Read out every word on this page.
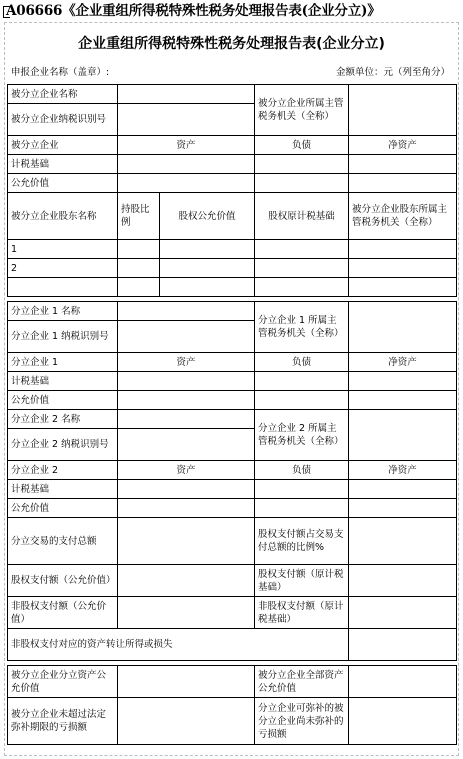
A06666《企业重组所得税特殊性税务处理报告表(企业分立)》
企业重组所得税特殊性税务处理报告表(企业分立)
申报企业名称（盖章）:	金额单位：元（列至角分）
被分立企业名称			被分立企业所属主管税务机关（全称）	
被分立企业纳税识别号				
被分立企业	资产		负债	净资产
计税基础				
公允价值				
被分立企业股东名称	持股比例	股权公允价值	股权原计税基础	被分立企业股东所属主管税务机关（全称）
1				
2				

分立企业 1 名称			分立企业 1 所属主管税务机关（全称）	
分立企业 1 纳税识别号				
分立企业 1	资产		负债	净资产
计税基础				
公允价值				
分立企业 2 名称			分立企业 2 所属主管税务机关（全称）	
分立企业 2 纳税识别号				
分立企业 2	资产		负债	净资产
计税基础				
公允价值				
分立交易的支付总额			股权支付额占交易支付总额的比例%	
股权支付额（公允价值）			股权支付额（原计税基础）	
非股权支付额（公允价值）			非股权支付额（原计税基础）	
非股权支付对应的资产转让所得或损失				

被分立企业分立资产公允价值			被分立企业全部资产公允价值	
被分立企业未超过法定弥补期限的亏损额			分立企业可弥补的被分立企业尚未弥补的亏损额	
